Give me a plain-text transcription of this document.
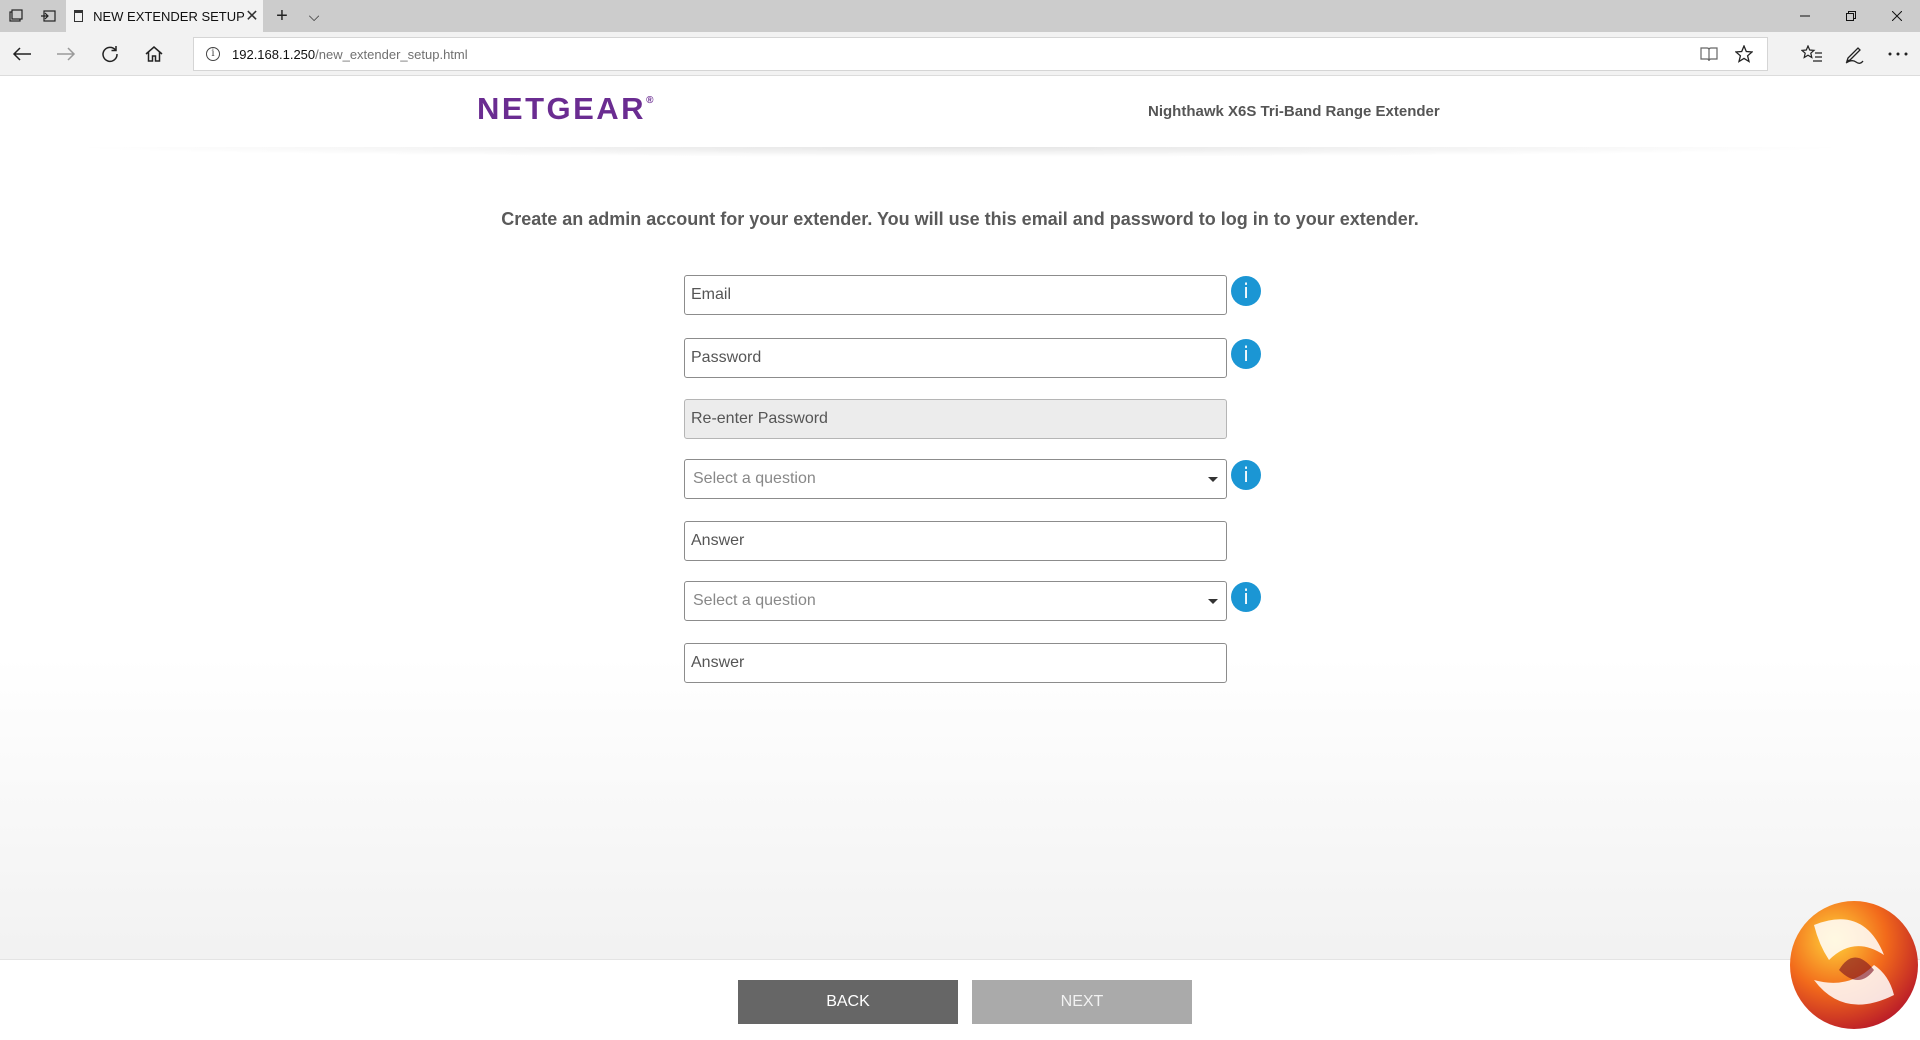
NEW EXTENDER SETUP ✕ +	⌵
i	192.168.1.250 /new_extender_setup.html
NETGEAR®
Nighthawk X6S Tri-Band Range Extender
Create an admin account for your extender. You will use this email and password to log in to your extender.
Email
i
Password
i
Re-enter Password
Select a question	i
Answer
Select a question	i
Answer
BACK	NEXT
